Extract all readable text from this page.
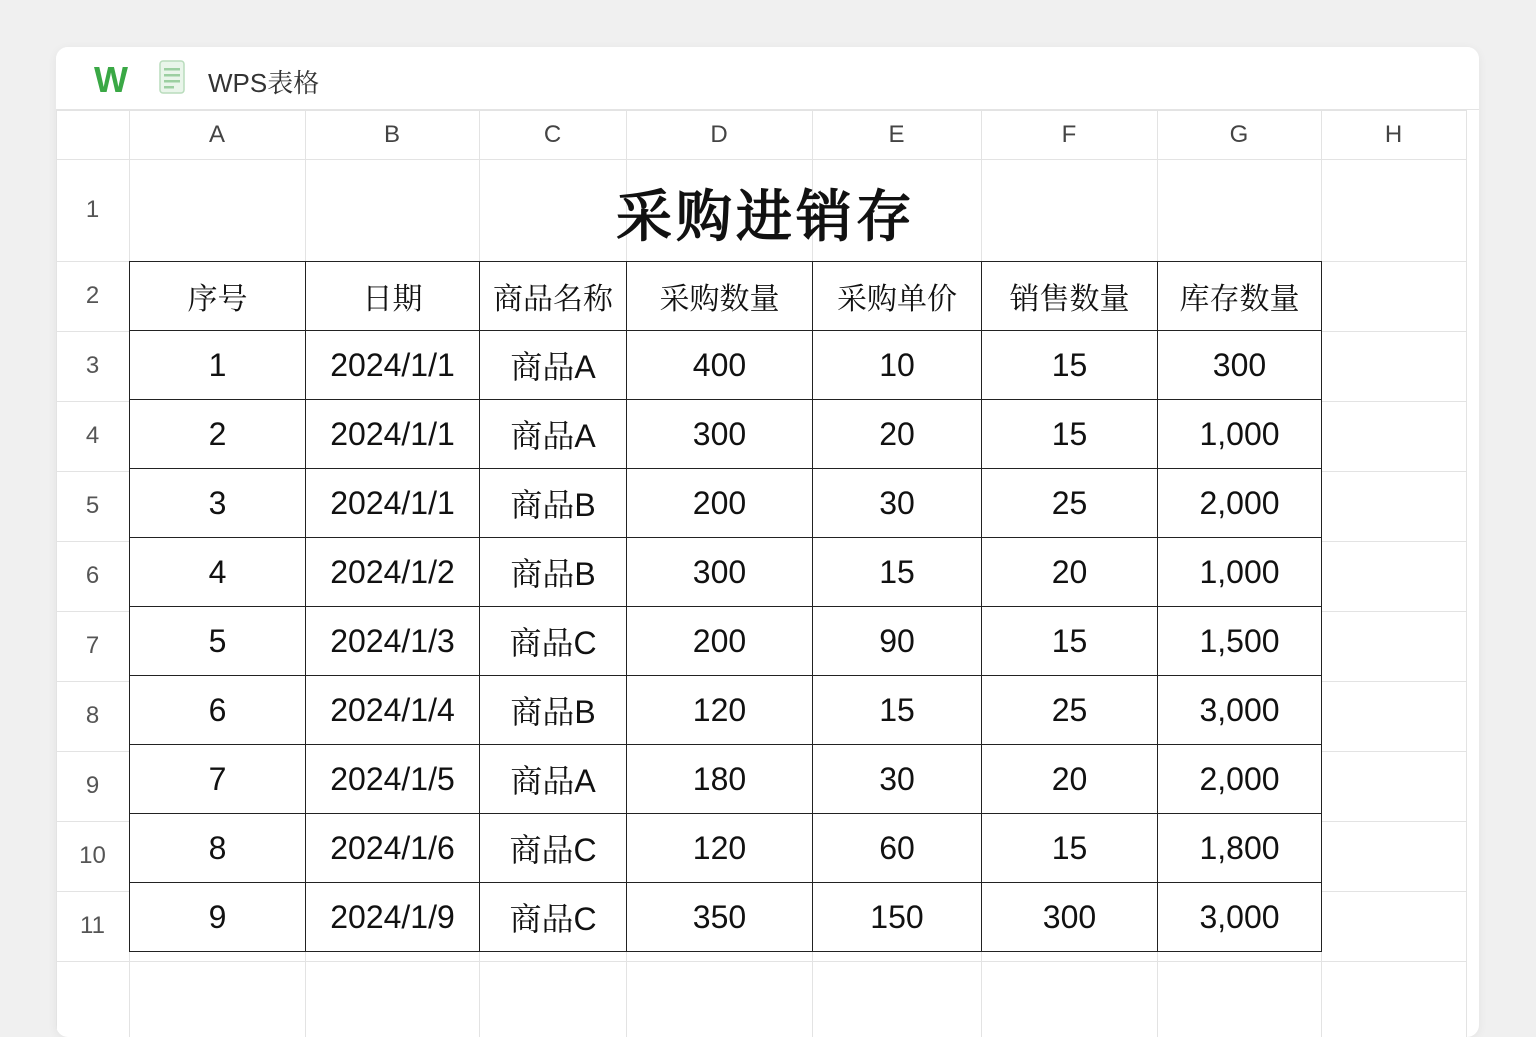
W	WPS表格
A	B	C	D	E	F	G	H
1
2
3
4
5
6
7
8
9
10
11
采购进销存
序号	日期	商品名称	采购数量	采购单价	销售数量	库存数量
1	2024/1/1	商品A	400	10	15	300
2	2024/1/1	商品A	300	20	15	1,000
3	2024/1/1	商品B	200	30	25	2,000
4	2024/1/2	商品B	300	15	20	1,000
5	2024/1/3	商品C	200	90	15	1,500
6	2024/1/4	商品B	120	15	25	3,000
7	2024/1/5	商品A	180	30	20	2,000
8	2024/1/6	商品C	120	60	15	1,800
9	2024/1/9	商品C	350	150	300	3,000
